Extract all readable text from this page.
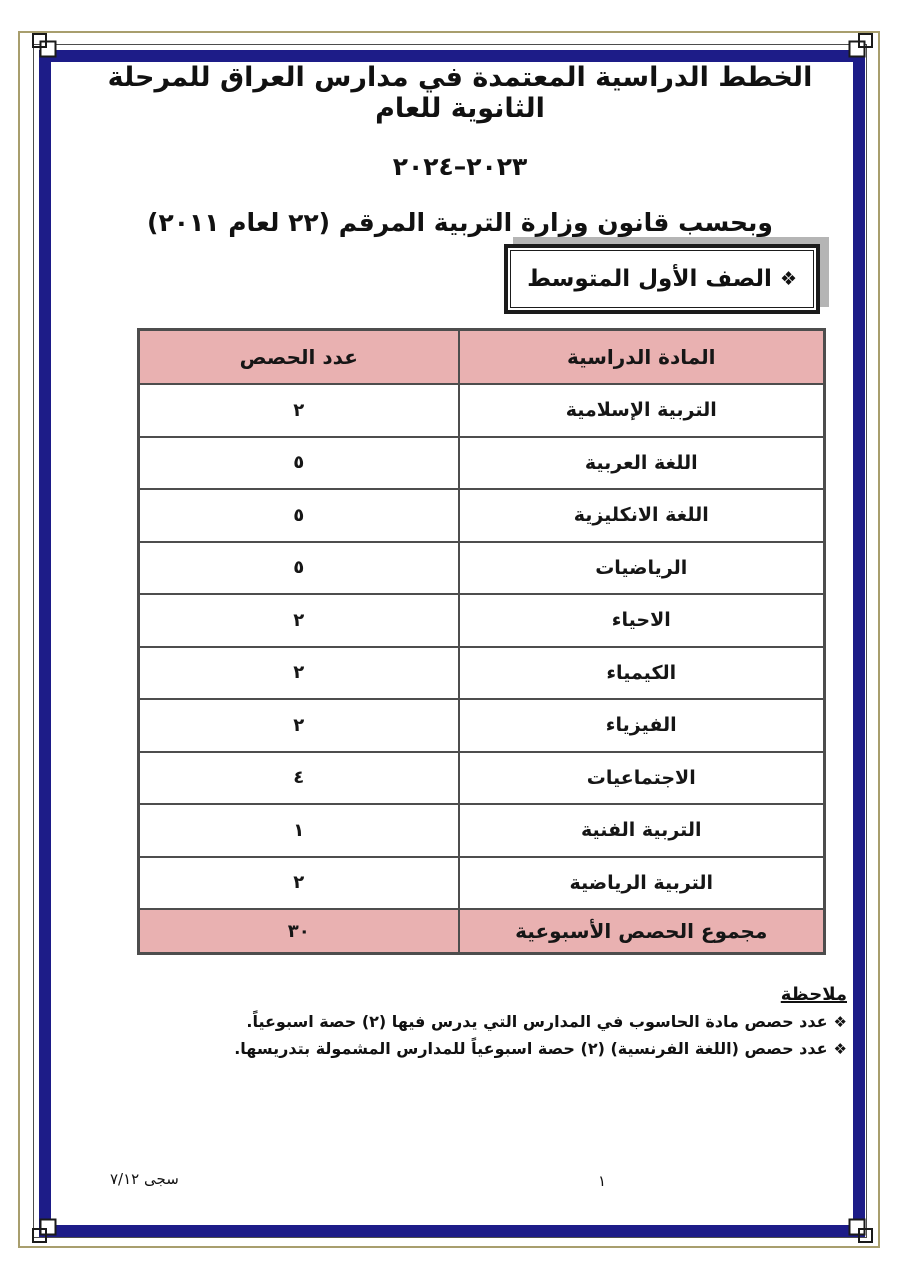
الخطط الدراسية المعتمدة في مدارس العراق للمرحلة الثانوية للعام
٢٠٢٣–٢٠٢٤
وبحسب قانون وزارة التربية المرقم (٢٢ لعام ٢٠١١)
❖
الصف الأول المتوسط
المادة الدراسية	عدد الحصص
التربية الإسلامية	٢
اللغة العربية	٥
اللغة الانكليزية	٥
الرياضيات	٥
الاحياء	٢
الكيمياء	٢
الفيزياء	٢
الاجتماعيات	٤
التربية الفنية	١
التربية الرياضية	٢
مجموع الحصص الأسبوعية	٣٠
ملاحظة
❖عدد حصص مادة الحاسوب في المدارس التي يدرس فيها (٢) حصة اسبوعياً.
❖عدد حصص (اللغة الفرنسية) (٢) حصة اسبوعياً للمدارس المشمولة بتدريسها.
سجى ٧/١٢	١
